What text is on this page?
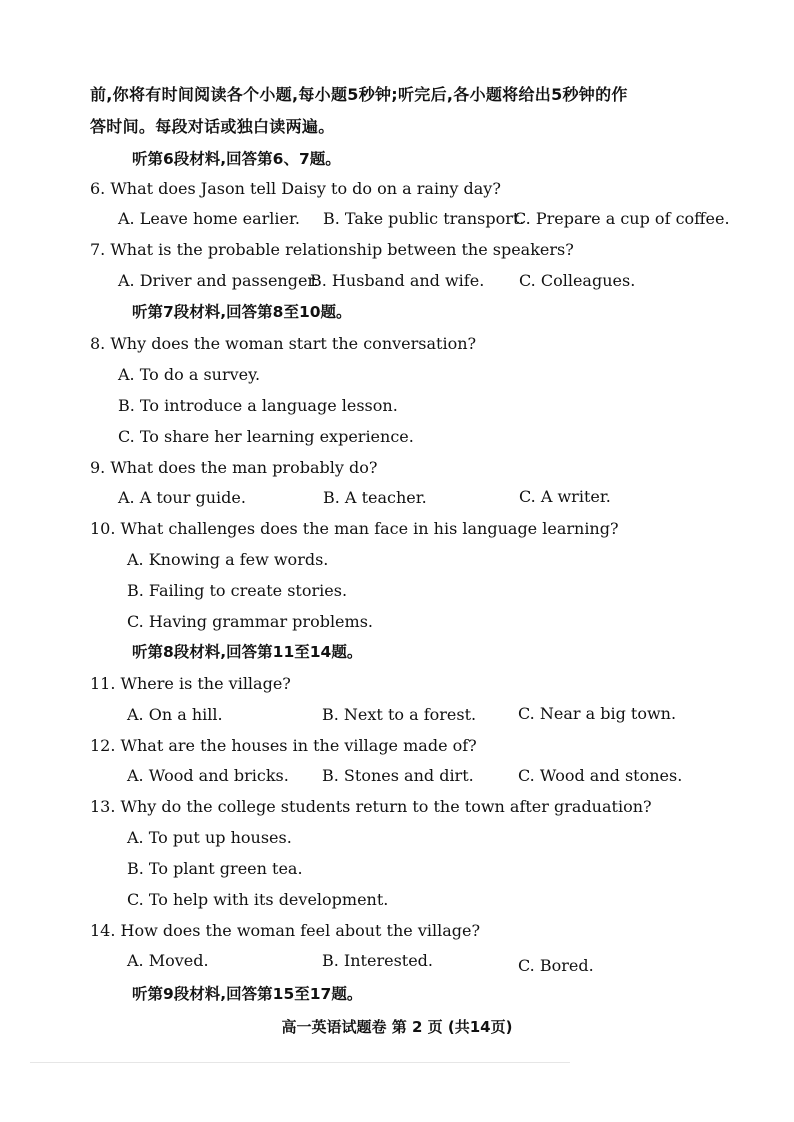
前,你将有时间阅读各个小题,每小题5秒钟;听完后,各小题将给出5秒钟的作
答时间。每段对话或独白读两遍。
听第6段材料,回答第6、7题。
6. What does Jason tell Daisy to do on a rainy day?
A. Leave home earlier. B. Take public transport.
C. Prepare a cup of coffee.
7. What is the probable relationship between the speakers?
A. Driver and passenger.
B. Husband and wife. C. Colleagues.
听第7段材料,回答第8至10题。
8. Why does the woman start the conversation?
A. To do a survey.
B. To introduce a language lesson.
C. To share her learning experience.
9. What does the man probably do?
A. A tour guide.	B. A teacher.	C. A writer.
10. What challenges does the man face in his language learning?
A. Knowing a few words.
B. Failing to create stories.
C. Having grammar problems.
听第8段材料,回答第11至14题。
11. Where is the village?
A. On a hill.	B. Next to a forest.	C. Near a big town.
12. What are the houses in the village made of?
A. Wood and bricks. B. Stones and dirt.	C. Wood and stones.
13. Why do the college students return to the town after graduation?
A. To put up houses.
B. To plant green tea.
C. To help with its development.
14. How does the woman feel about the village?
A. Moved.	B. Interested.	C. Bored.
听第9段材料,回答第15至17题。
高一英语试题卷 第 2 页 (共14页)
